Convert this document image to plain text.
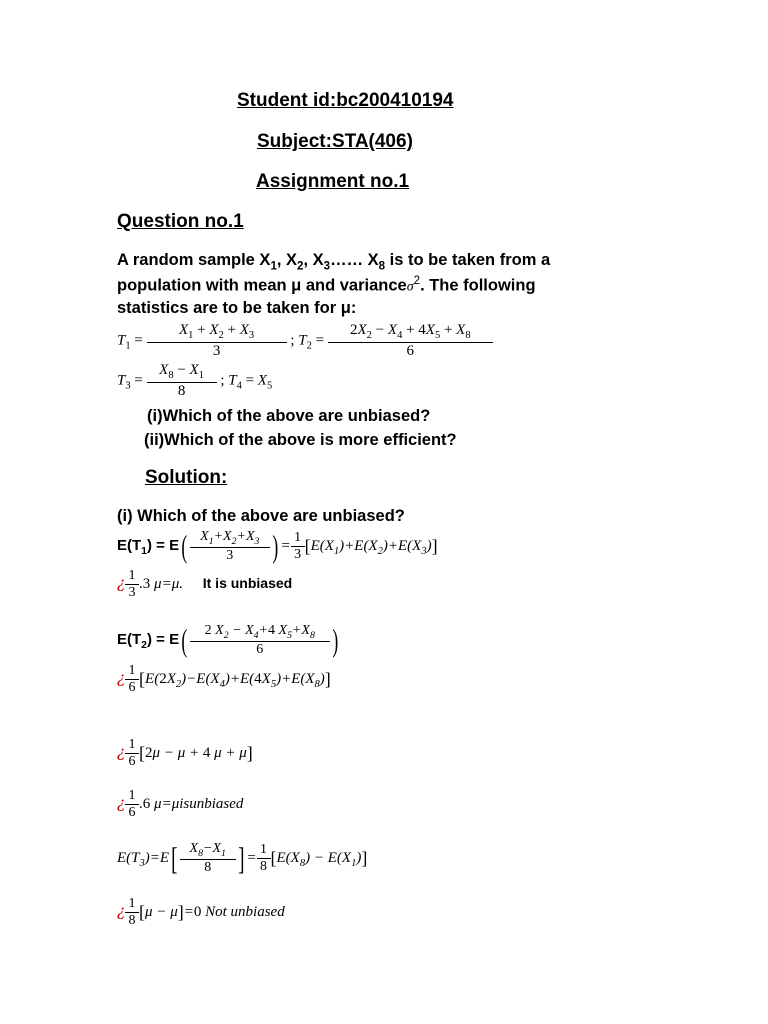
Student id:bc200410194
Subject:STA(406)
Assignment no.1
Question no.1
A random sample $X_1$, $X_2$, $X_3\dots\dots$ $X_8$ is to be taken from a
population with mean μ and varianceσ$^2$. The following
statistics are to be taken for μ:
$T_1 = \frac{X_1 + X_2 + X_3}{3}$ ; $T_2 = \frac{2X_2 - X_4 + 4X_5 + X_8}{6}$
$T_3 = \frac{X_8 - X_1}{8}$ ; $T_4 = X_5$
(i)Which of the above are unbiased?
(ii)Which of the above is more efficient?
Solution:
(i) Which of the above are unbiased?
$E(T_1) = E( \frac{X_1+X_2+X_3}{3}$ ) = $\frac{1}{3} [E(X_1)+E(X_2)+E(X_3)]$
¿ $\frac{1}{3} .3$ μ=μ. It is unbiased
$E(T_2) = E( \frac{2 X_2 - X_4+4 X_5+X_8}{6}$ )
¿ $\frac{1}{6} [E(2X_2)-E(X_4)+E(4X_5)+E(X_8)]$
¿ $\frac{1}{6} [2\mu - \mu + 4$ μ + μ]
¿ $\frac{1}{6} .6$ μ=μisunbiased
$E(T_3)=E[ \frac{X_8-X_1}{8}$ ] = $\frac{1}{8} [E(X_8) - E(X_1)]$
¿ $\frac{1}{8} [\mu - \mu]=0$ Not unbiased
